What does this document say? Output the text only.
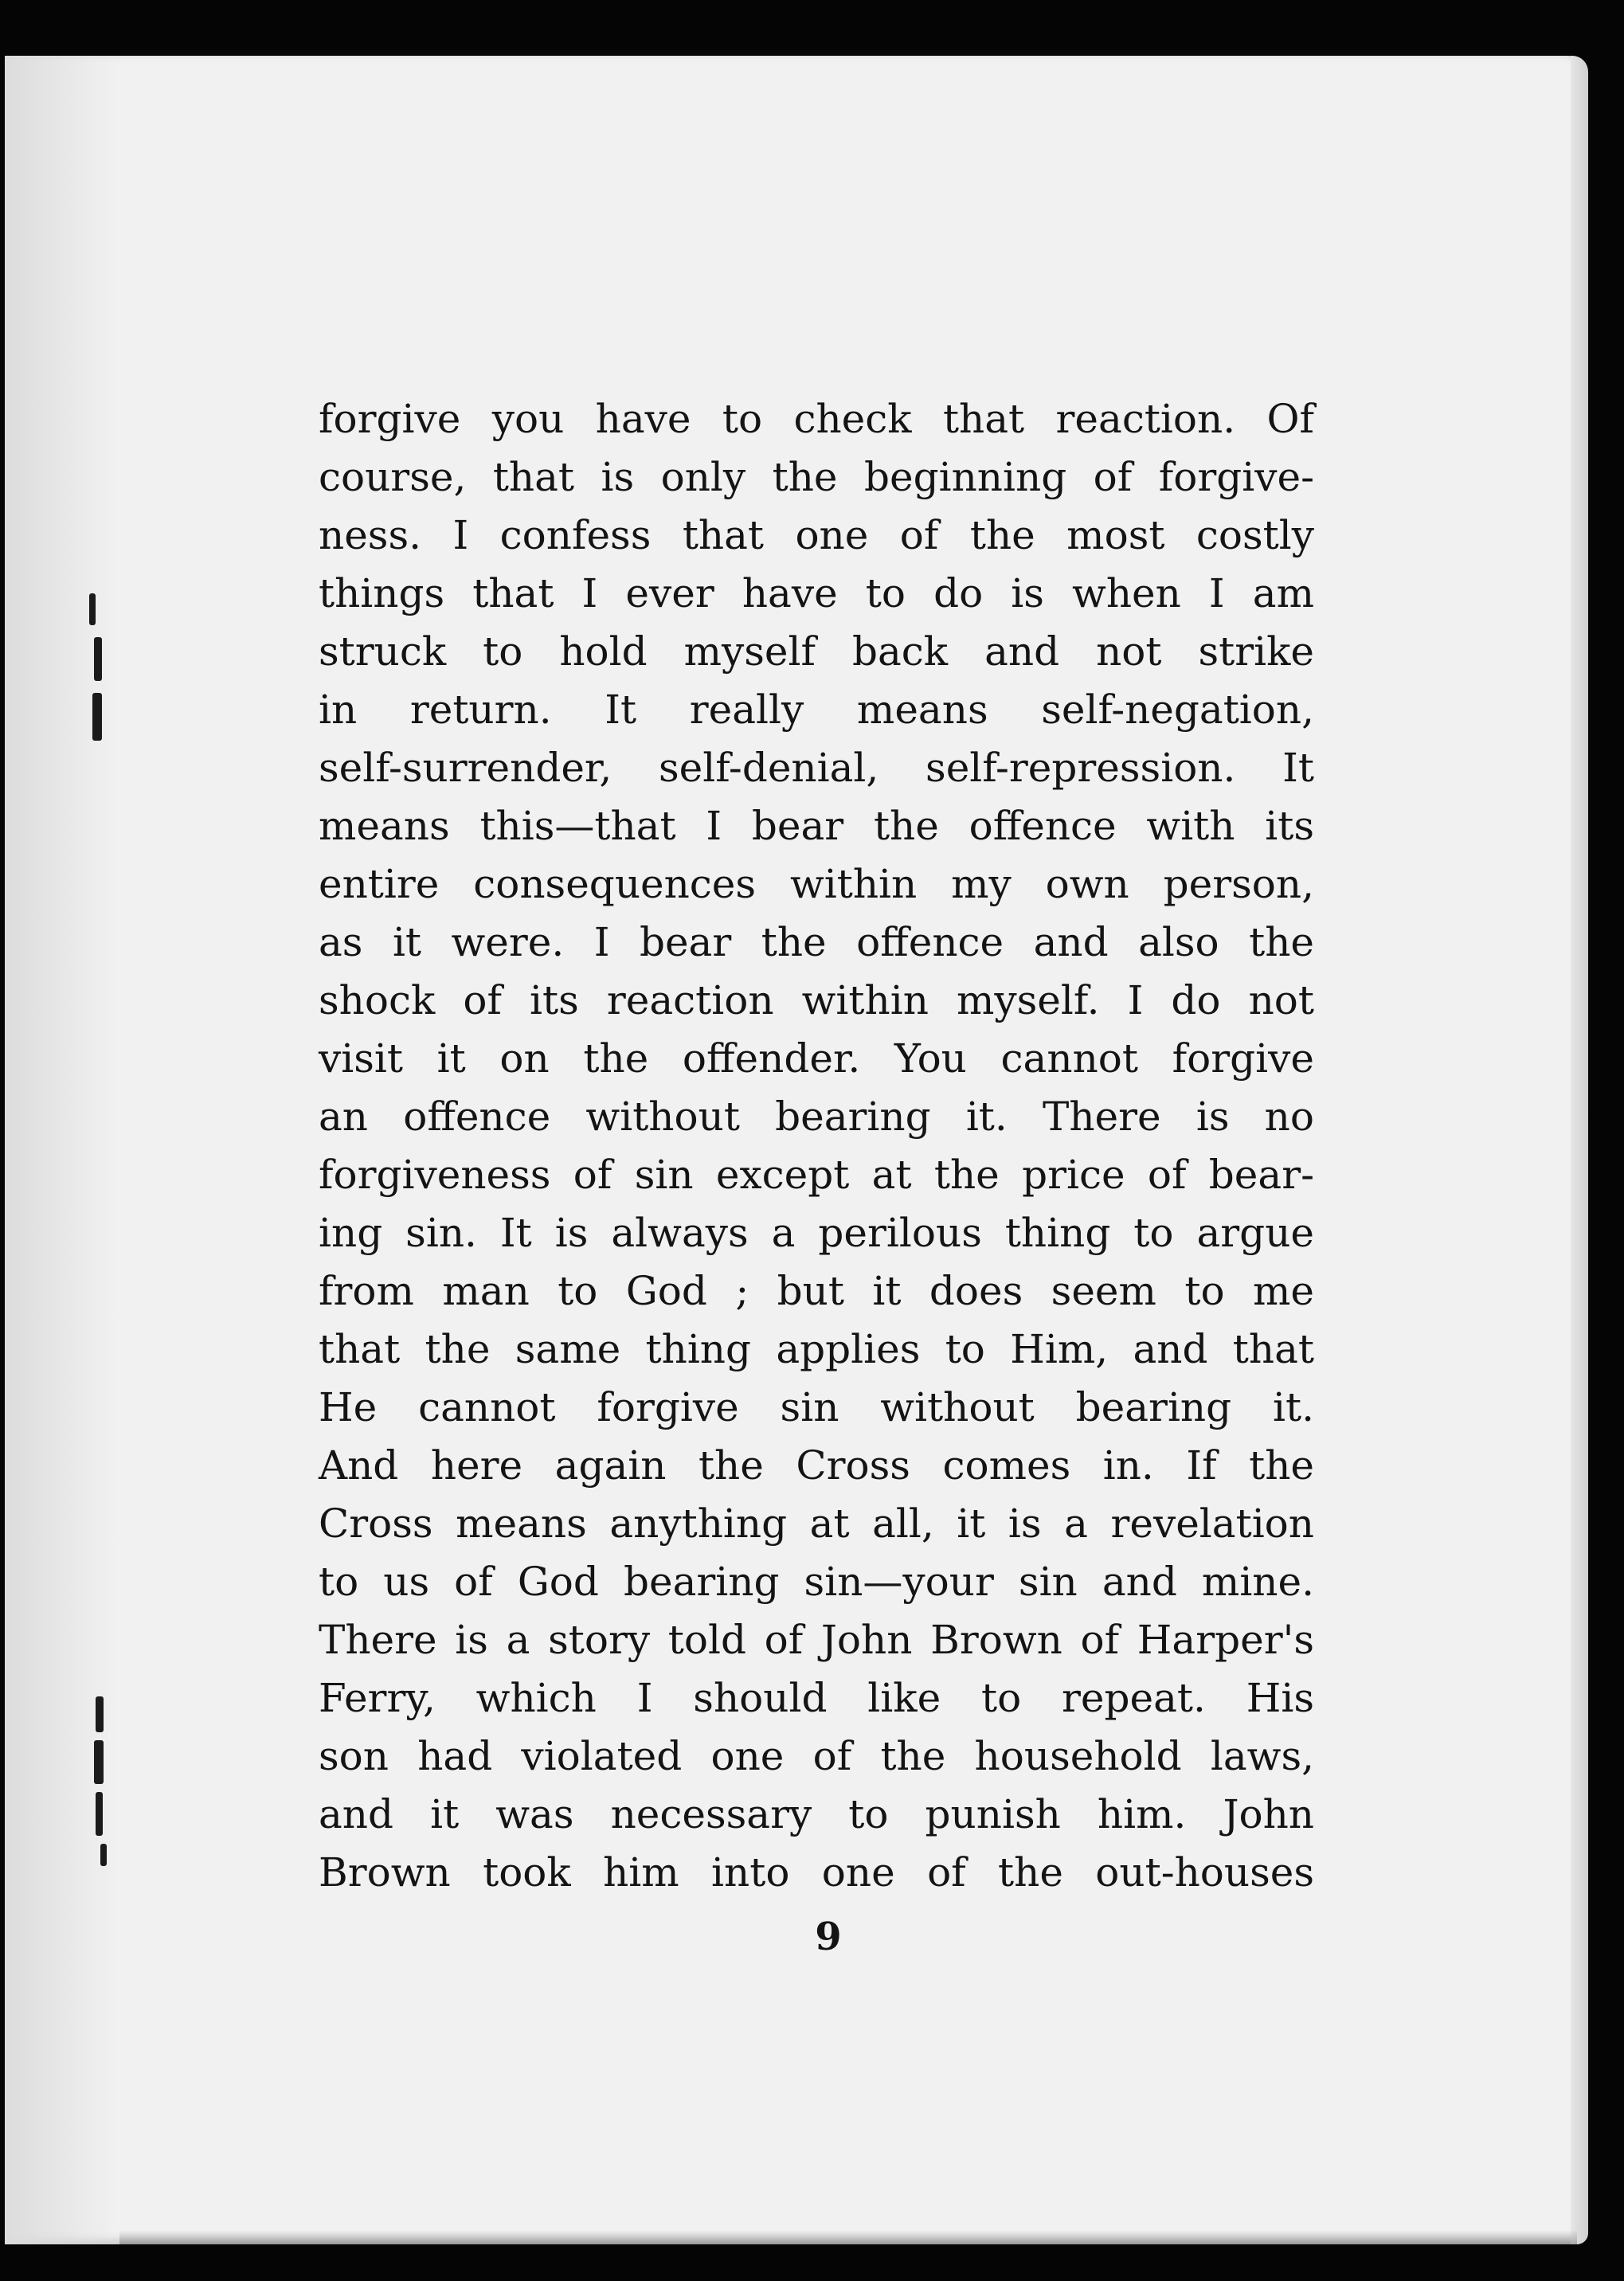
forgive you have to check that reaction. Of
course, that is only the beginning of forgive-
ness. I confess that one of the most costly
things that I ever have to do is when I am
struck to hold myself back and not strike
in return. It really means self-negation,
self-surrender, self-denial, self-repression. It
means this—that I bear the offence with its
entire consequences within my own person,
as it were. I bear the offence and also the
shock of its reaction within myself. I do not
visit it on the offender. You cannot forgive
an offence without bearing it. There is no
forgiveness of sin except at the price of bear-
ing sin. It is always a perilous thing to argue
from man to God ; but it does seem to me
that the same thing applies to Him, and that
He cannot forgive sin without bearing it.
And here again the Cross comes in. If the
Cross means anything at all, it is a revelation
to us of God bearing sin—your sin and mine.
There is a story told of John Brown of Harper's
Ferry, which I should like to repeat. His
son had violated one of the household laws,
and it was necessary to punish him. John
Brown took him into one of the out-houses
9
